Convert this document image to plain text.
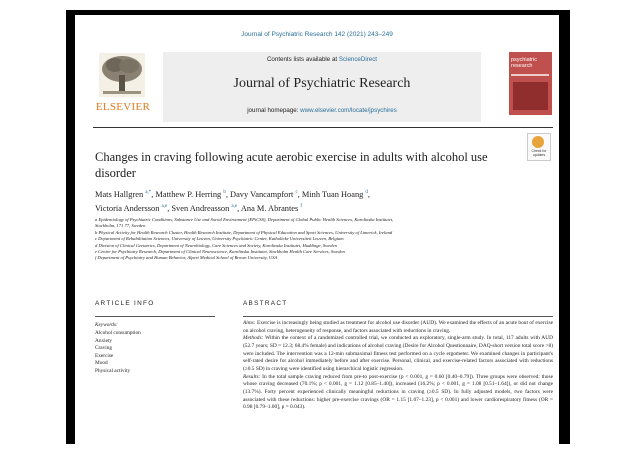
Journal of Psychiatric Research 142 (2021) 243–249
ELSEVIER
Contents lists available at ScienceDirect
Journal of Psychiatric Research
journal homepage: www.elsevier.com/locate/jpsychires
psychiatric research
Check for updates
Changes in craving following acute aerobic exercise in adults with alcohol use disorder
Mats Hallgren $^{a,*}$, Matthew P. Herring $^b$, Davy Vancampfort $^c$, Minh Tuan Hoang $^d$,
Victoria Andersson $^{a,e}$, Sven Andreasson $^{a,e}$, Ana M. Abrantes $^f$
a Epidemiology of Psychiatric Conditions, Substance Use and Social Environment (EPiCSS), Department of Global Public Health Sciences, Karolinska Institutet,
Stockholm, 171 77, Sweden
b Physical Activity for Health Research Cluster, Health Research Institute, Department of Physical Education and Sport Sciences, University of Limerick, Ireland
c Department of Rehabilitation Sciences, University of Leuven, University Psychiatric Center, Katholieke Universiteit Leuven, Belgium
d Division of Clinical Geriatrics, Department of Neurobiology, Care Sciences and Society, Karolinska Institutet, Huddinge, Sweden
e Centre for Psychiatry Research, Department of Clinical Neuroscience, Karolinska Institutet, Stockholm Health Care Services, Sweden
f Department of Psychiatry and Human Behavior, Alpert Medical School of Brown University, USA
ARTICLE INFO	ABSTRACT
Keywords:
Alcohol consumption
Anxiety
Craving
Exercise
Mood
Physical activity

Aims: Exercise is increasingly being studied as treatment for alcohol use disorder (AUD). We examined the effects of an acute bout of exercise on alcohol craving, heterogeneity of response, and factors associated with reductions in craving.

Methods: Within the context of a randomized controlled trial, we conducted an exploratory, single-arm study. In total, 117 adults with AUD (52.7 years; SD = 12.3; 68.4% female) and indications of alcohol craving (Desire for Alcohol Questionnaire, DAQ-short version total score >8) were included. The intervention was a 12-min submaximal fitness test performed on a cycle ergometer. We examined changes in participant's self-rated desire for alcohol immediately before and after exercise. Personal, clinical, and exercise-related factors associated with reductions (≥0.5 SD) in craving were identified using hierarchical logistic regression.

Results: In the total sample craving reduced from pre-to post-exercise (p < 0.001, g = 0.60 [0.40–0.79]). Three groups were observed: those whose craving decreased (70.1%; p < 0.001, g = 1.12 [0.85–1.40]), increased (16.2%; p < 0.001, g = 1.08 [0.51–1.64]), or did not change (13.7%). Forty percent experienced clinically meaningful reductions in craving (≥0.5 SD). In fully adjusted models, two factors were associated with these reductions: higher pre-exercise cravings (OR = 1.15 [1.07–1.23], p < 0.001) and lower cardiorespiratory fitness (OR = 0.98 [0.79–1.00], p = 0.043).
